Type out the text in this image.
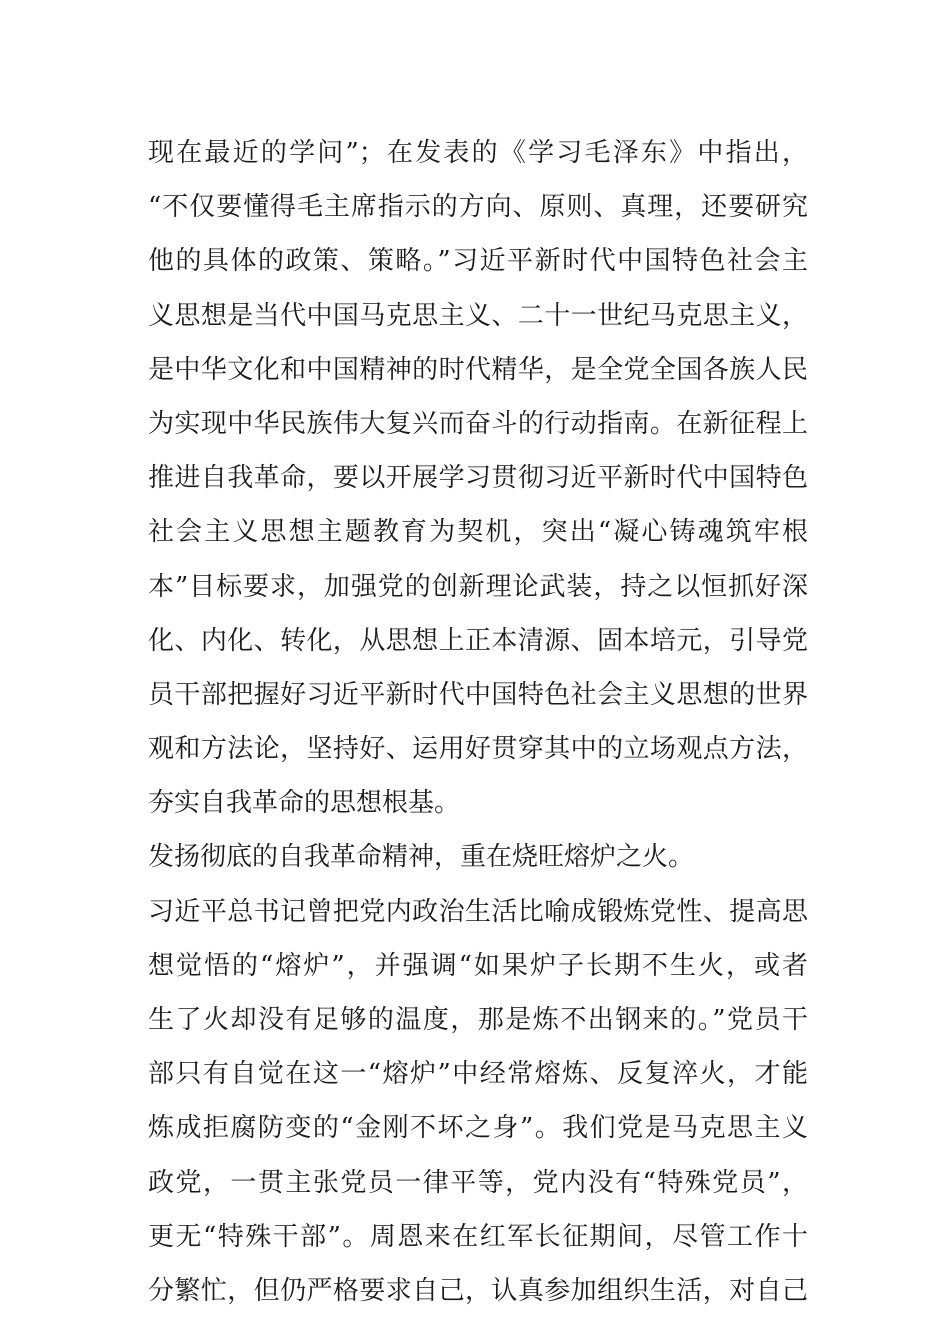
现在最近的学问”；在发表的《学习毛泽东》中指出，
“不仅要懂得毛主席指示的方向、原则、真理，还要研究
他的具体的政策、策略。”习近平新时代中国特色社会主
义思想是当代中国马克思主义、二十一世纪马克思主义，
是中华文化和中国精神的时代精华，是全党全国各族人民
为实现中华民族伟大复兴而奋斗的行动指南。在新征程上
推进自我革命，要以开展学习贯彻习近平新时代中国特色
社会主义思想主题教育为契机，突出“凝心铸魂筑牢根
本”目标要求，加强党的创新理论武装，持之以恒抓好深
化、内化、转化，从思想上正本清源、固本培元，引导党
员干部把握好习近平新时代中国特色社会主义思想的世界
观和方法论，坚持好、运用好贯穿其中的立场观点方法，
夯实自我革命的思想根基。
发扬彻底的自我革命精神，重在烧旺熔炉之火。
习近平总书记曾把党内政治生活比喻成锻炼党性、提高思
想觉悟的“熔炉”，并强调“如果炉子长期不生火，或者
生了火却没有足够的温度，那是炼不出钢来的。”党员干
部只有自觉在这一“熔炉”中经常熔炼、反复淬火，才能
炼成拒腐防变的“金刚不坏之身”。我们党是马克思主义
政党，一贯主张党员一律平等，党内没有“特殊党员”，
更无“特殊干部”。周恩来在红军长征期间，尽管工作十
分繁忙，但仍严格要求自己，认真参加组织生活，对自己
